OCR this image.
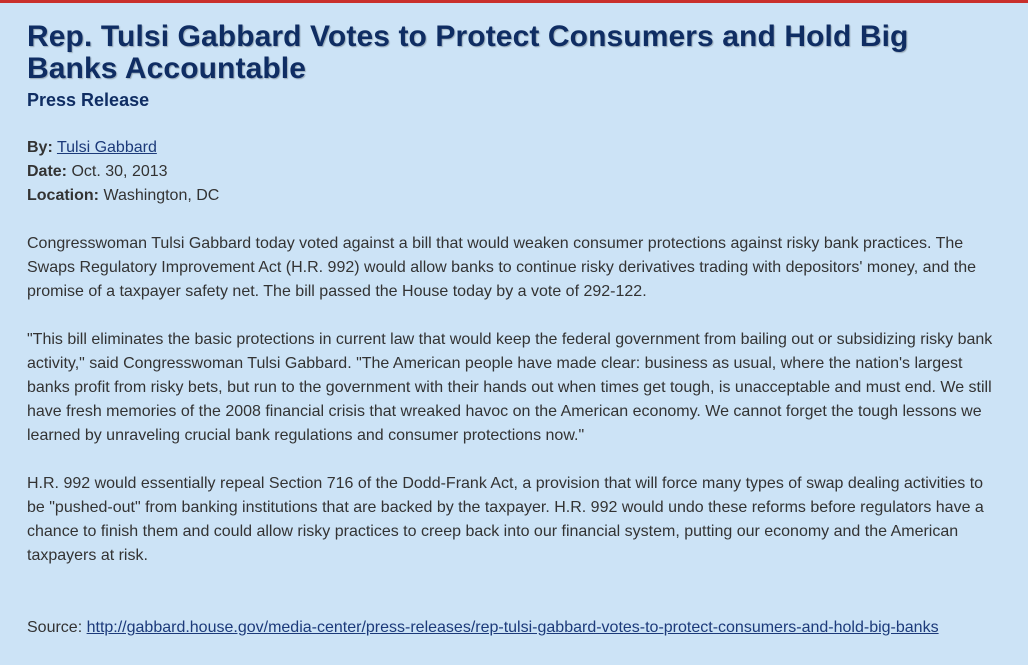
Rep. Tulsi Gabbard Votes to Protect Consumers and Hold Big Banks Accountable
Press Release
By: Tulsi Gabbard
Date: Oct. 30, 2013
Location: Washington, DC

Congresswoman Tulsi Gabbard today voted against a bill that would weaken consumer protections against risky bank practices. The Swaps Regulatory Improvement Act (H.R. 992) would allow banks to continue risky derivatives trading with depositors' money, and the promise of a taxpayer safety net. The bill passed the House today by a vote of 292-122.

"This bill eliminates the basic protections in current law that would keep the federal government from bailing out or subsidizing risky bank activity," said Congresswoman Tulsi Gabbard. "The American people have made clear: business as usual, where the nation's largest banks profit from risky bets, but run to the government with their hands out when times get tough, is unacceptable and must end. We still have fresh memories of the 2008 financial crisis that wreaked havoc on the American economy. We cannot forget the tough lessons we learned by unraveling crucial bank regulations and consumer protections now."

H.R. 992 would essentially repeal Section 716 of the Dodd-Frank Act, a provision that will force many types of swap dealing activities to be "pushed-out" from banking institutions that are backed by the taxpayer. H.R. 992 would undo these reforms before regulators have a chance to finish them and could allow risky practices to creep back into our financial system, putting our economy and the American taxpayers at risk.

Source: http://gabbard.house.gov/media-center/press-releases/rep-tulsi-gabbard-votes-to-protect-consumers-and-hold-big-banks
